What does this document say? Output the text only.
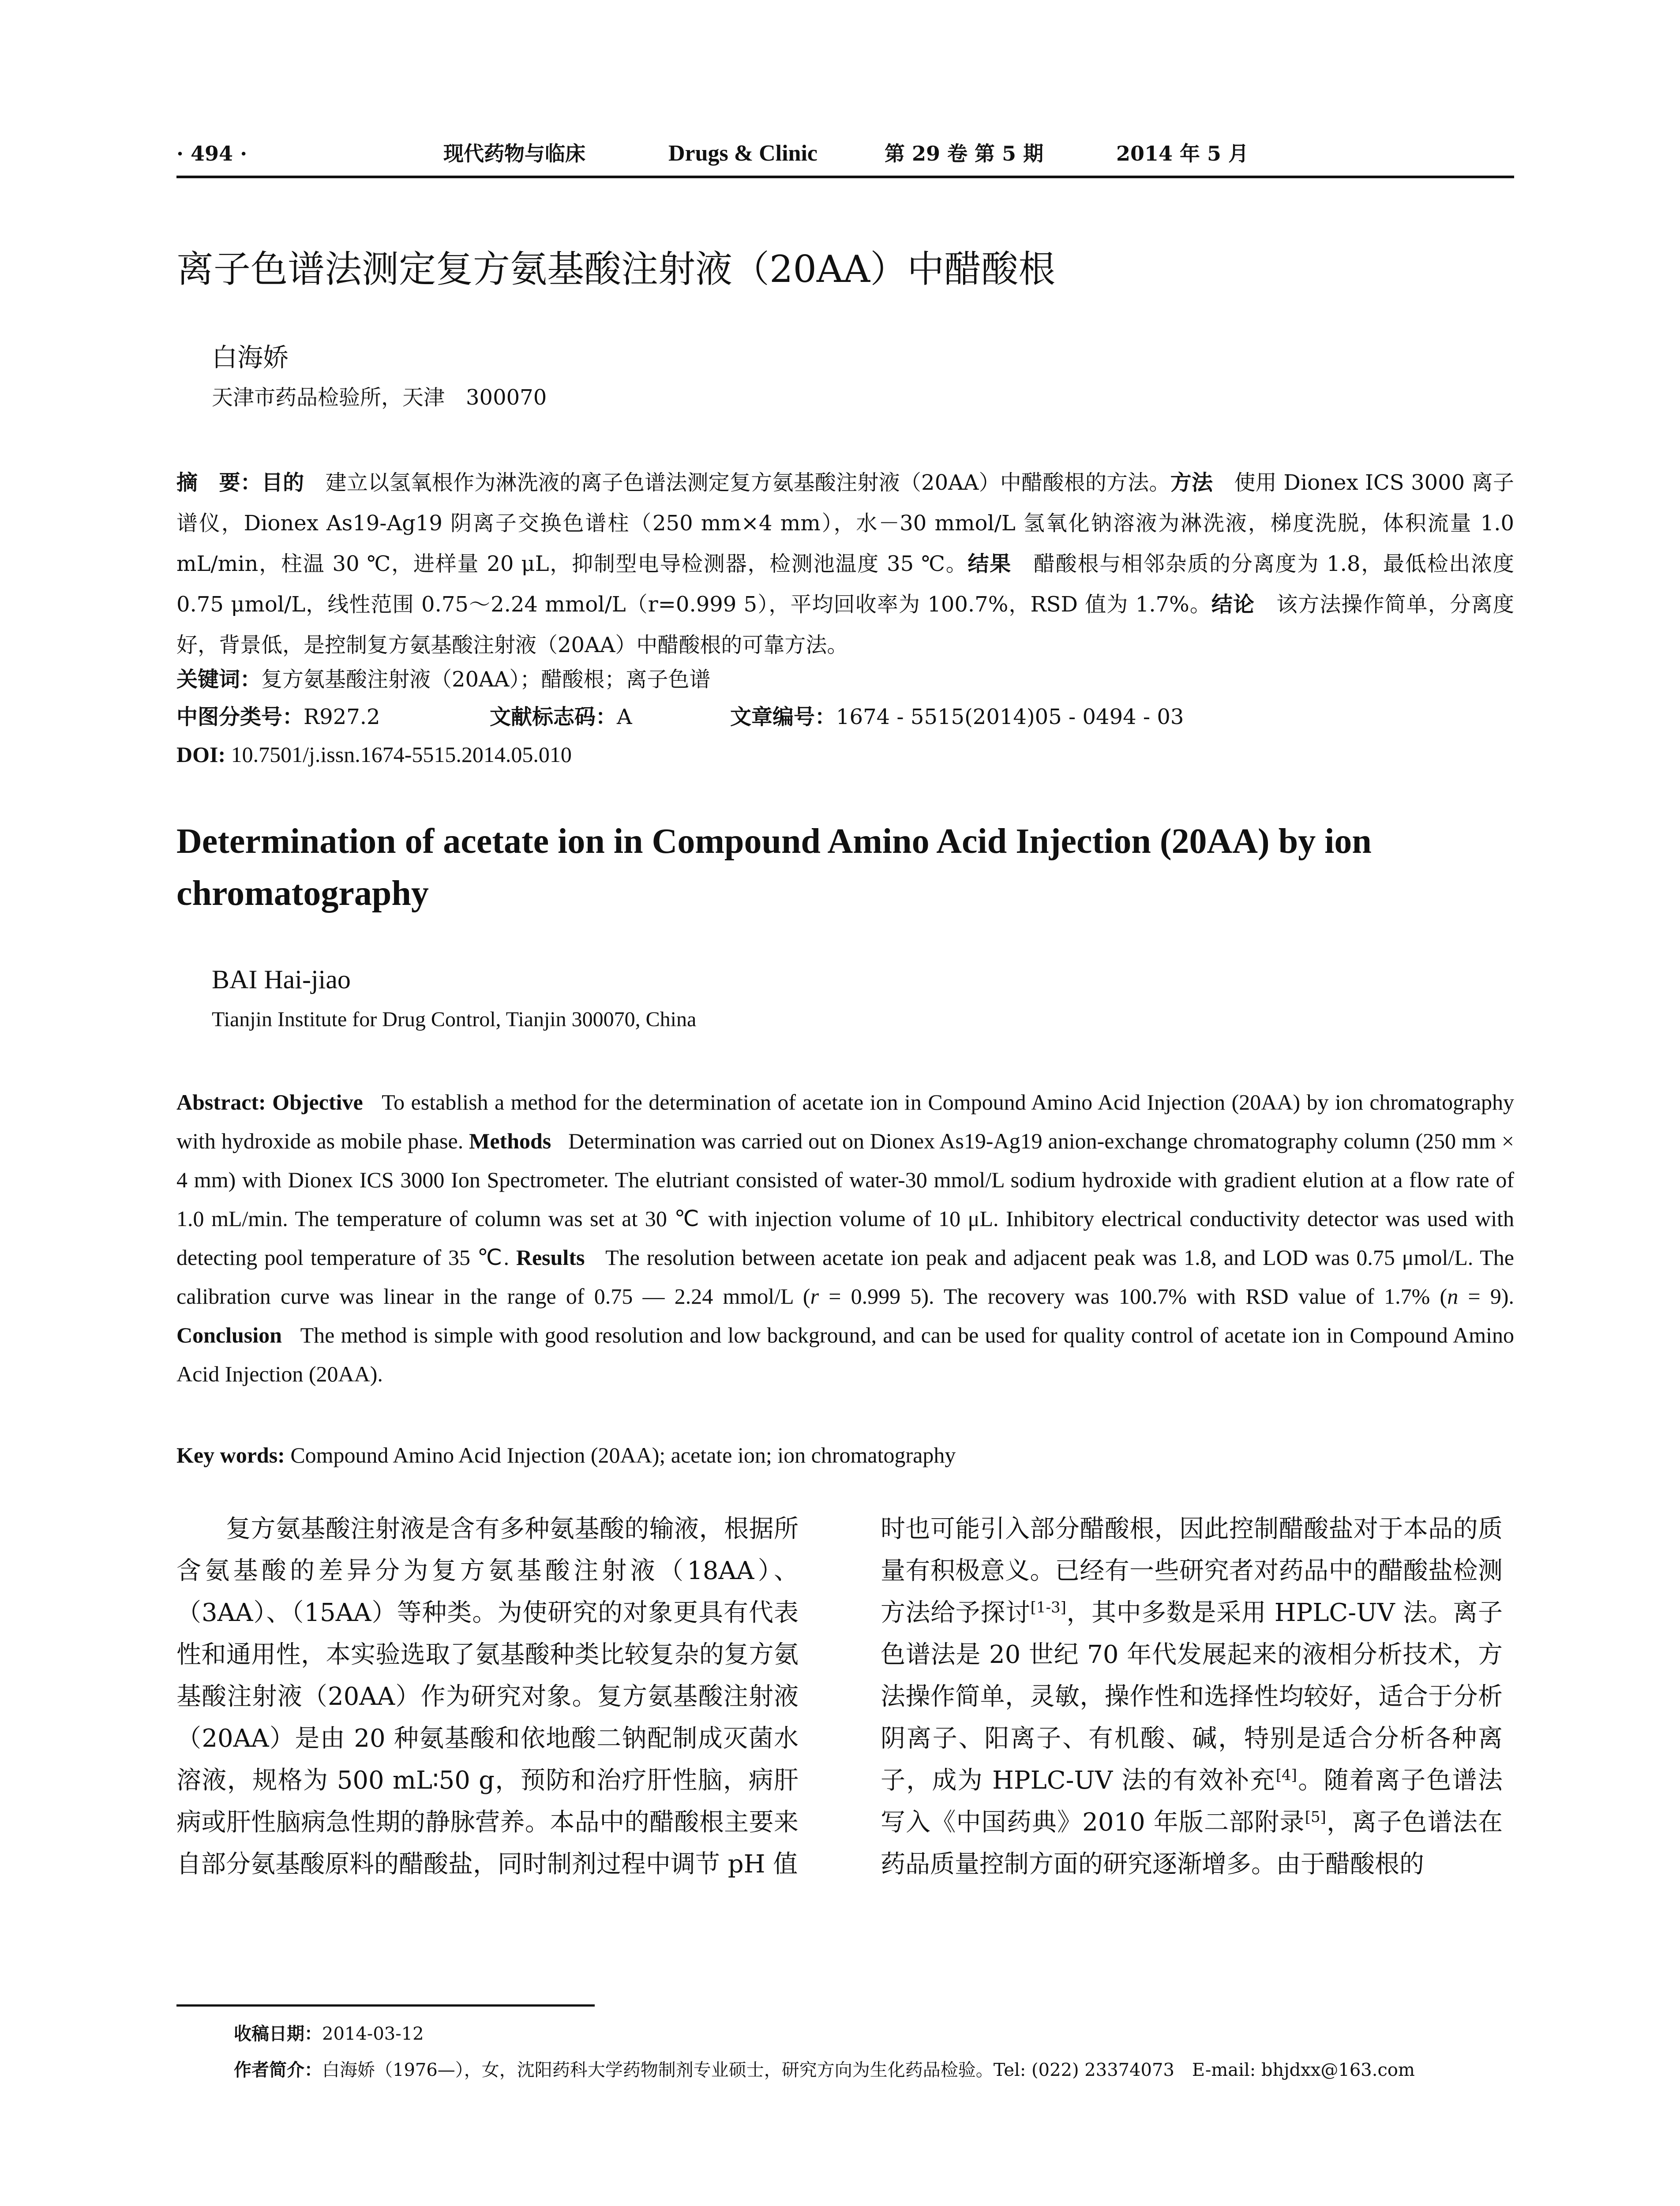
· 494 ·	现代药物与临床	Drugs & Clinic	第 29 卷 第 5 期	2014 年 5 月
离子色谱法测定复方氨基酸注射液（20AA）中醋酸根
白海娇
天津市药品检验所，天津　300070
摘　要：目的　 建立以氢氧根作为淋洗液的离子色谱法测定复方氨基酸注射液（20AA）中醋酸根的方法。方法　 使用 Dionex ICS 3000 离子谱仪，Dionex As19-Ag19 阴离子交换色谱柱（250 mm×4 mm），水－30 mmol/L 氢氧化钠溶液为淋洗液，梯度洗脱，体积流量 1.0 mL/min，柱温 30 ℃，进样量 20 μL，抑制型电导检测器，检测池温度 35 ℃。结果　 醋酸根与相邻杂质的分离度为 1.8，最低检出浓度 0.75 μmol/L，线性范围 0.75～2.24 mmol/L（r=0.999 5），平均回收率为 100.7%，RSD 值为 1.7%。结论　 该方法操作简单，分离度好，背景低，是控制复方氨基酸注射液（20AA）中醋酸根的可靠方法。
关键词：复方氨基酸注射液（20AA）；醋酸根；离子色谱
中图分类号：R927.2	文献标志码：A	文章编号：1674 - 5515(2014)05 - 0494 - 03
DOI: 10.7501/j.issn.1674-5515.2014.05.010
Determination of acetate ion in Compound Amino Acid Injection (20AA) by ion chromatography
BAI Hai-jiao
Tianjin Institute for Drug Control, Tianjin 300070, China
Abstract: Objective To establish a method for the determination of acetate ion in Compound Amino Acid Injection (20AA) by ion chromatography with hydroxide as mobile phase. Methods Determination was carried out on Dionex As19-Ag19 anion-exchange chromatography column (250 mm × 4 mm) with Dionex ICS 3000 Ion Spectrometer. The elutriant consisted of water-30 mmol/L sodium hydroxide with gradient elution at a flow rate of 1.0 mL/min. The temperature of column was set at 30 ℃ with injection volume of 10 μL. Inhibitory electrical conductivity detector was used with detecting pool temperature of 35 ℃. Results The resolution between acetate ion peak and adjacent peak was 1.8, and LOD was 0.75 μmol/L. The calibration curve was linear in the range of 0.75 — 2.24 mmol/L (r = 0.999 5). The recovery was 100.7% with RSD value of 1.7% (n = 9). Conclusion The method is simple with good resolution and low background, and can be used for quality control of acetate ion in Compound Amino Acid Injection (20AA).
Key words: Compound Amino Acid Injection (20AA); acetate ion; ion chromatography
复方氨基酸注射液是含有多种氨基酸的输液，根据所含氨基酸的差异分为复方氨基酸注射液（18AA）、（3AA）、（15AA）等种类。为使研究的对象更具有代表性和通用性，本实验选取了氨基酸种类比较复杂的复方氨基酸注射液（20AA）作为研究对象。复方氨基酸注射液（20AA）是由 20 种氨基酸和依地酸二钠配制成灭菌水溶液，规格为 500 mL∶50 g，预防和治疗肝性脑，病肝病或肝性脑病急性期的静脉营养。本品中的醋酸根主要来自部分氨基酸原料的醋酸盐，同时制剂过程中调节 pH 值
时也可能引入部分醋酸根，因此控制醋酸盐对于本品的质量有积极意义。已经有一些研究者对药品中的醋酸盐检测方法给予探讨[1-3]，其中多数是采用 HPLC-UV 法。离子色谱法是 20 世纪 70 年代发展起来的液相分析技术，方法操作简单，灵敏，操作性和选择性均较好，适合于分析阴离子、阳离子、有机酸、碱，特别是适合分析各种离子，成为 HPLC-UV 法的有效补充[4]。随着离子色谱法写入《中国药典》2010 年版二部附录[5]，离子色谱法在药品质量控制方面的研究逐渐增多。由于醋酸根的
收稿日期：2014-03-12
作者简介：白海娇（1976—），女，沈阳药科大学药物制剂专业硕士，研究方向为生化药品检验。Tel: (022) 23374073　E-mail: bhjdxx@163.com
